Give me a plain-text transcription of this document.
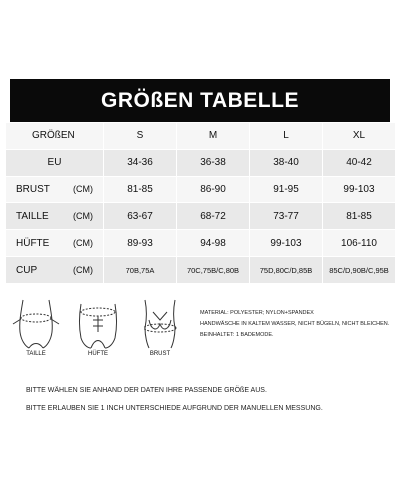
GRÖßEN TABELLE
GRÖßEN	S	M	L	XL
EU	34-36	36-38	38-40	40-42

BRUST (CM)	81-85	86-90	91-95	99-103

TAILLE (CM)	63-67	68-72	73-77	81-85

HÜFTE (CM)	89-93	94-98	99-103	106-110

CUP (CM)	70B,75A	70C,75B/C,80B	75D,80C/D,85B	85C/D,90B/C,95B
TAILLE	HÜFTE	BRUST
MATERIAL: POLYESTER; NYLON+SPANDEX
HANDWÄSCHE IN KALTEM WASSER, NICHT BÜGELN, NICHT BLEICHEN.
BEINHALTET: 1 BADEMODE.
BITTE WÄHLEN SIE ANHAND DER DATEN IHRE PASSENDE GRÖßE AUS.
BITTE ERLAUBEN SIE 1 INCH UNTERSCHIEDE AUFGRUND DER MANUELLEN MESSUNG.
